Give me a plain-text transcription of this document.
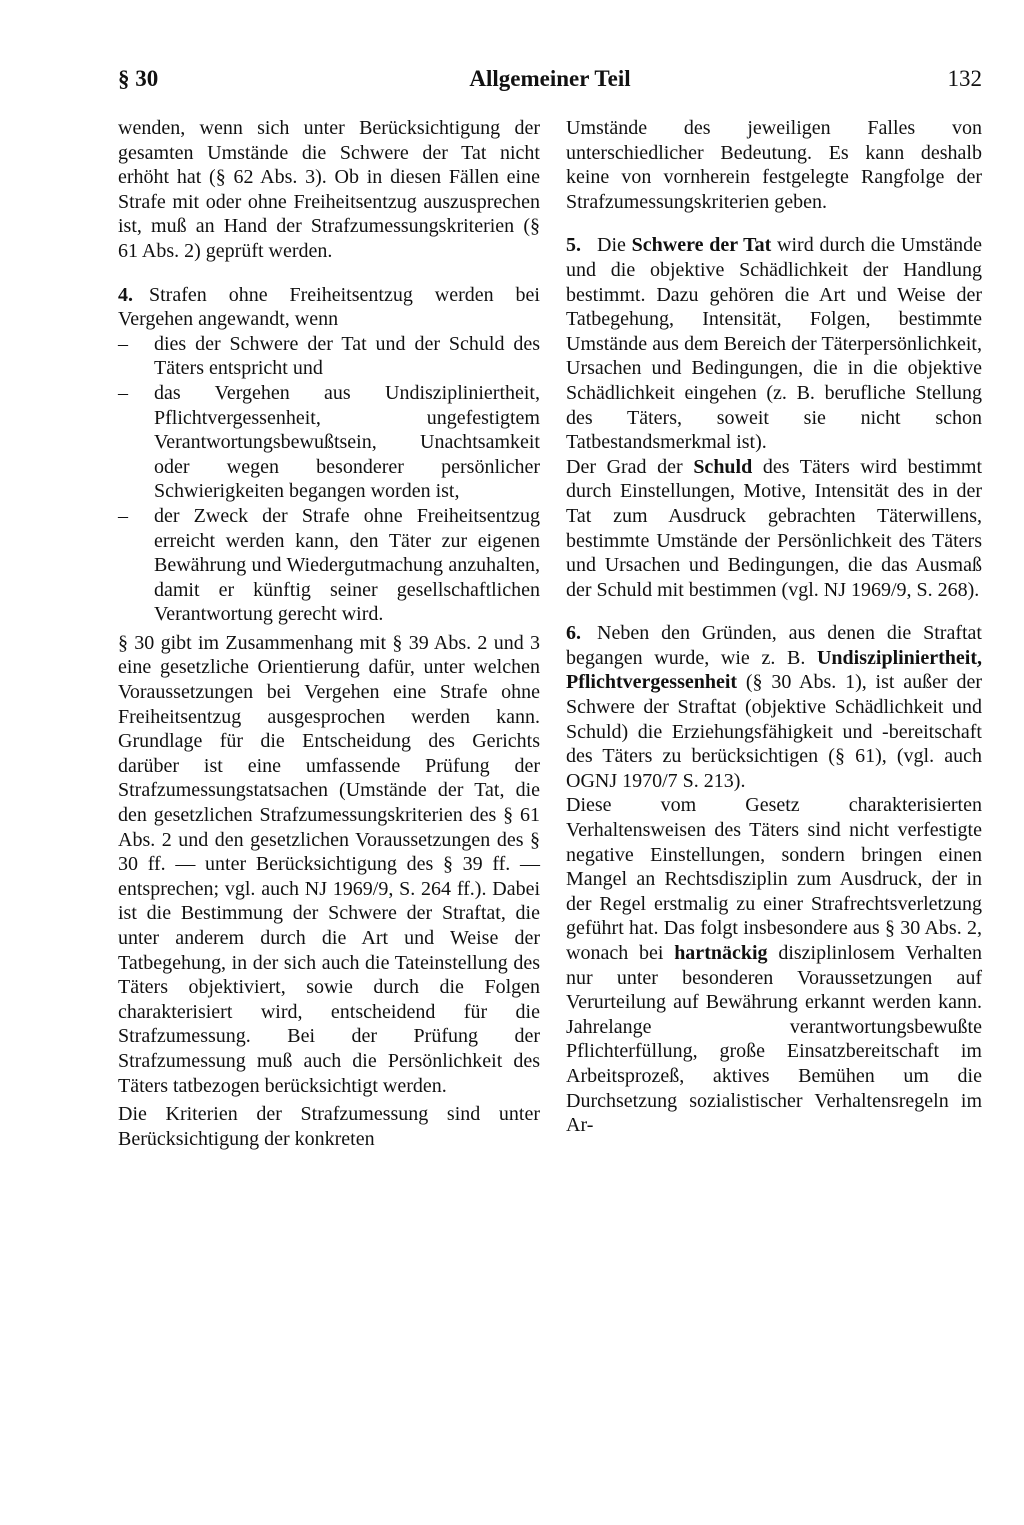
§ 30	Allgemeiner Teil	132

wenden, wenn sich unter Berücksichtigung der gesamten Umstände die Schwere der Tat nicht erhöht hat (§ 62 Abs. 3). Ob in diesen Fällen eine Strafe mit oder ohne Freiheitsentzug auszusprechen ist, muß an Hand der Strafzumessungskriterien (§ 61 Abs. 2) geprüft werden.

4. Strafen ohne Freiheitsentzug werden bei Vergehen angewandt, wenn

– dies der Schwere der Tat und der Schuld des Täters entspricht und

– das Vergehen aus Undiszipliniertheit, Pflichtvergessenheit, ungefestigtem Verantwortungsbewußtsein, Unachtsamkeit oder wegen besonderer persönlicher Schwierigkeiten begangen worden ist,

– der Zweck der Strafe ohne Freiheitsentzug erreicht werden kann, den Täter zur eigenen Bewährung und Wiedergutmachung anzuhalten, damit er künftig seiner gesellschaftlichen Verantwortung gerecht wird.

§ 30 gibt im Zusammenhang mit § 39 Abs. 2 und 3 eine gesetzliche Orientierung dafür, unter welchen Voraussetzungen bei Vergehen eine Strafe ohne Freiheitsentzug ausgesprochen werden kann. Grundlage für die Entscheidung des Gerichts darüber ist eine umfassende Prüfung der Strafzumessungstatsachen (Umstände der Tat, die den gesetzlichen Strafzumessungskriterien des § 61 Abs. 2 und den gesetzlichen Voraussetzungen des § 30 ff. — unter Berücksichtigung des § 39 ff. — entsprechen; vgl. auch NJ 1969/9, S. 264 ff.). Dabei ist die Bestimmung der Schwere der Straftat, die unter anderem durch die Art und Weise der Tatbegehung, in der sich auch die Tateinstellung des Täters objektiviert, sowie durch die Folgen charakterisiert wird, entscheidend für die Strafzumessung. Bei der Prüfung der Strafzumessung muß auch die Persönlichkeit des Täters tatbezogen berücksichtigt werden.

Die Kriterien der Strafzumessung sind unter Berücksichtigung der konkreten

Umstände des jeweiligen Falles von unterschiedlicher Bedeutung. Es kann deshalb keine von vornherein festgelegte Rangfolge der Strafzumessungskriterien geben.

5. Die Schwere der Tat wird durch die Umstände und die objektive Schädlichkeit der Handlung bestimmt. Dazu gehören die Art und Weise der Tatbegehung, Intensität, Folgen, bestimmte Umstände aus dem Bereich der Täterpersönlichkeit, Ursachen und Bedingungen, die in die objektive Schädlichkeit eingehen (z. B. berufliche Stellung des Täters, soweit sie nicht schon Tatbestandsmerkmal ist).

Der Grad der Schuld des Täters wird bestimmt durch Einstellungen, Motive, Intensität des in der Tat zum Ausdruck gebrachten Täterwillens, bestimmte Umstände der Persönlichkeit des Täters und Ursachen und Bedingungen, die das Ausmaß der Schuld mit bestimmen (vgl. NJ 1969/9, S. 268).

6. Neben den Gründen, aus denen die Straftat begangen wurde, wie z. B. Undiszipliniertheit, Pflichtvergessenheit (§ 30 Abs. 1), ist außer der Schwere der Straftat (objektive Schädlichkeit und Schuld) die Erziehungsfähigkeit und -bereitschaft des Täters zu berücksichtigen (§ 61), (vgl. auch OGNJ 1970/7 S. 213).

Diese vom Gesetz charakterisierten Verhaltensweisen des Täters sind nicht verfestigte negative Einstellungen, sondern bringen einen Mangel an Rechtsdisziplin zum Ausdruck, der in der Regel erstmalig zu einer Strafrechtsverletzung geführt hat. Das folgt insbesondere aus § 30 Abs. 2, wonach bei hartnäckig disziplinlosem Verhalten nur unter besonderen Voraussetzungen auf Verurteilung auf Bewährung erkannt werden kann. Jahrelange verantwortungsbewußte Pflichterfüllung, große Einsatzbereitschaft im Arbeitsprozeß, aktives Bemühen um die Durchsetzung sozialistischer Verhaltensregeln im Ar-
